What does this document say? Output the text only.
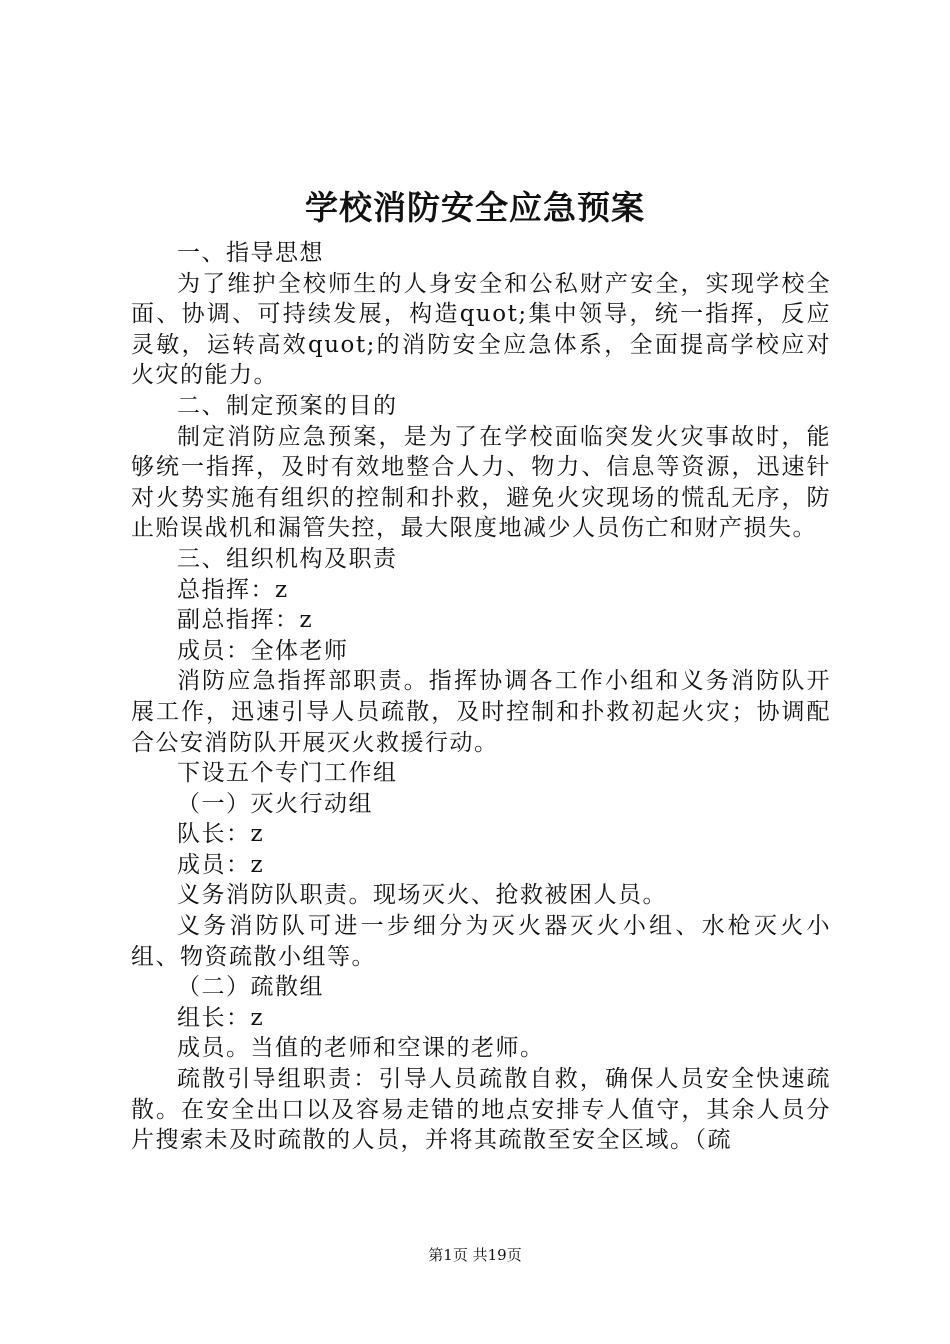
学校消防安全应急预案

一、指导思想

为了维护全校师生的人身安全和公私财产安全，实现学校全面、协调、可持续发展，构造quot;集中领导，统一指挥，反应灵敏，运转高效quot;的消防安全应急体系，全面提高学校应对火灾的能力。

二、制定预案的目的

制定消防应急预案，是为了在学校面临突发火灾事故时，能够统一指挥，及时有效地整合人力、物力、信息等资源，迅速针对火势实施有组织的控制和扑救，避免火灾现场的慌乱无序，防止贻误战机和漏管失控，最大限度地减少人员伤亡和财产损失。

三、组织机构及职责

总指挥：z

副总指挥：z

成员：全体老师

消防应急指挥部职责。指挥协调各工作小组和义务消防队开展工作，迅速引导人员疏散，及时控制和扑救初起火灾；协调配合公安消防队开展灭火救援行动。

下设五个专门工作组

（一）灭火行动组

队长：z

成员：z

义务消防队职责。现场灭火、抢救被困人员。

义务消防队可进一步细分为灭火器灭火小组、水枪灭火小组、物资疏散小组等。

（二）疏散组

组长：z

成员。当值的老师和空课的老师。

疏散引导组职责：引导人员疏散自救，确保人员安全快速疏散。在安全出口以及容易走错的地点安排专人值守，其余人员分片搜索未及时疏散的人员，并将其疏散至安全区域。（疏

第1页 共19页
